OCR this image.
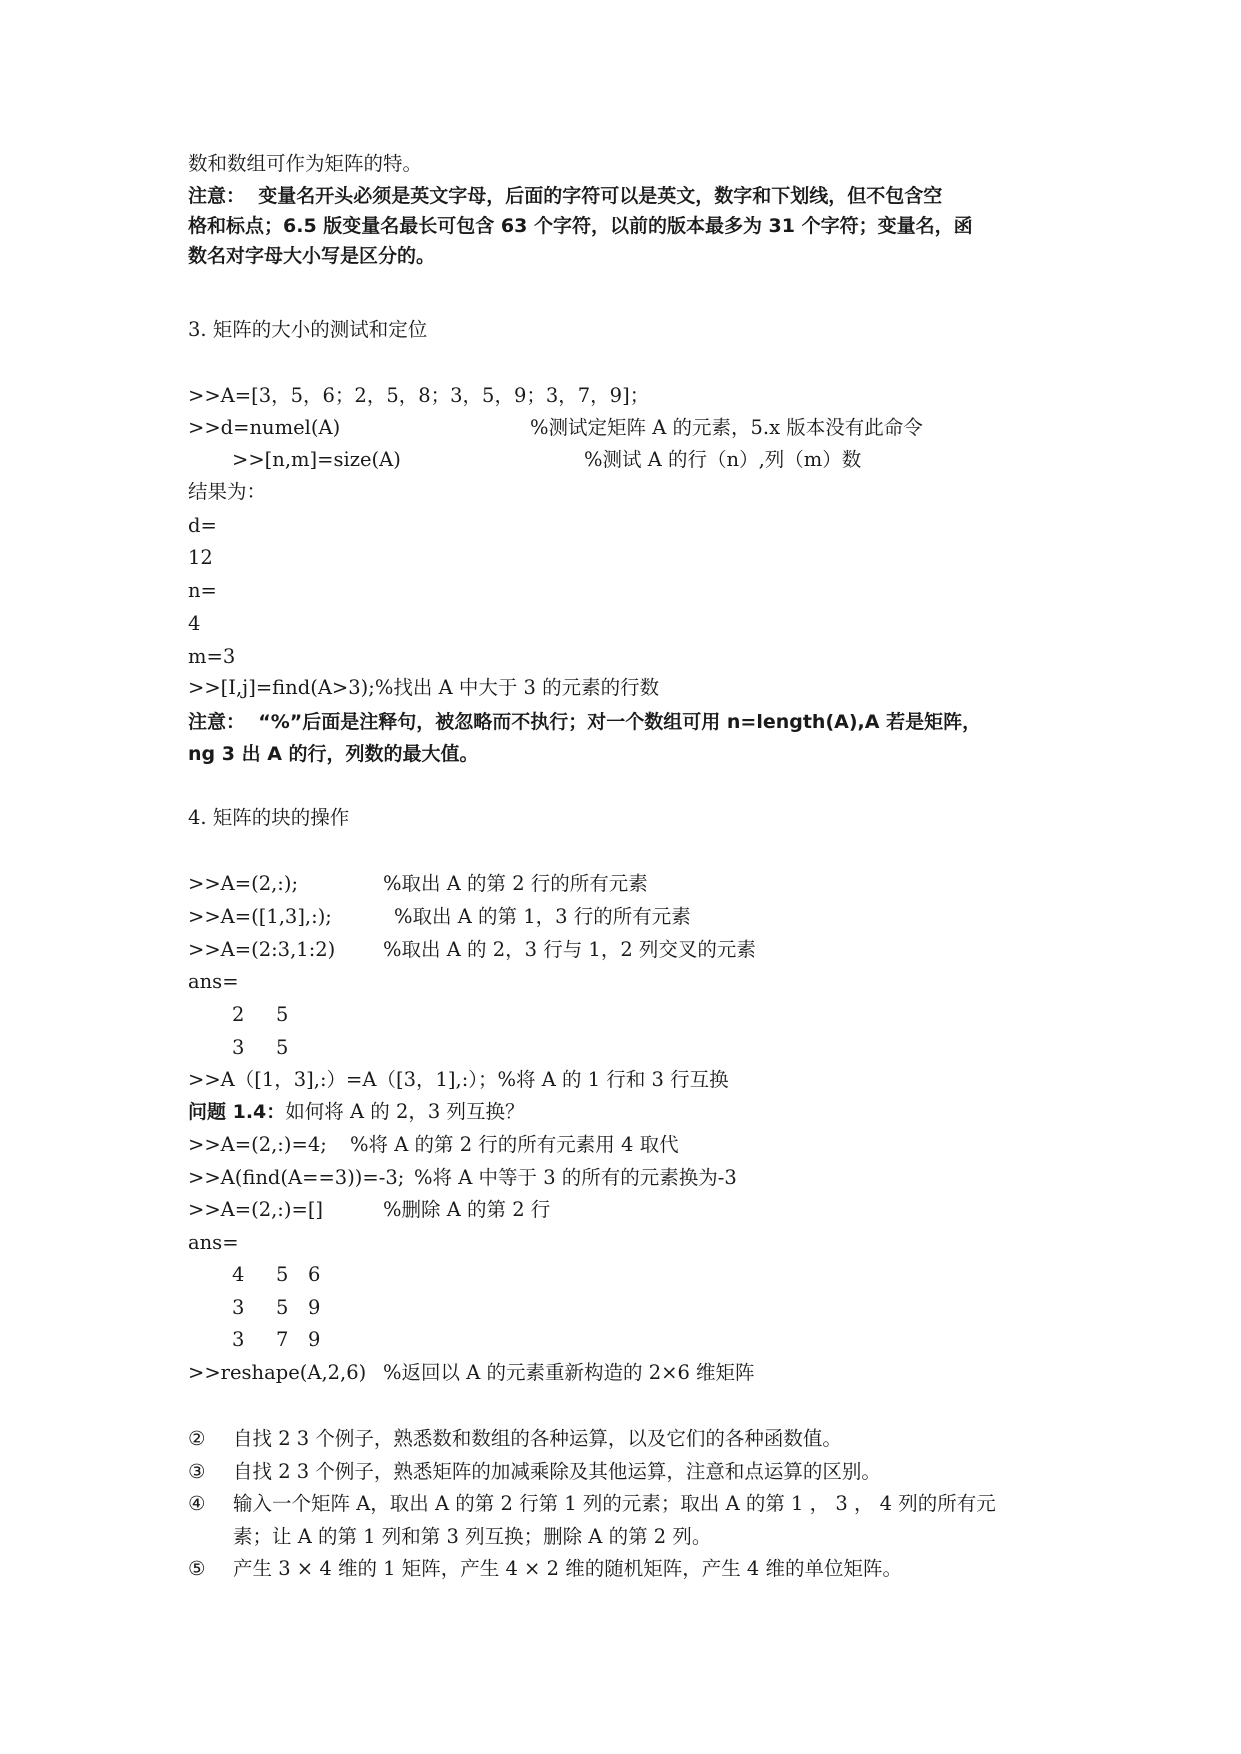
数和数组可作为矩阵的特。
注意： 变量名开头必须是英文字母，后面的字符可以是英文，数字和下划线，但不包含空
格和标点；6.5 版变量名最长可包含 63 个字符，以前的版本最多为 31 个字符；变量名，函
数名对字母大小写是区分的。
3. 矩阵的大小的测试和定位
>>A=[3，5，6；2，5，8；3，5，9；3，7，9]；
>>d=numel(A)	%测试定矩阵 A 的元素，5.x 版本没有此命令
>>[n,m]=size(A)	%测试 A 的行（n）,列（m）数
结果为：
d=
12
n=
4
m=3
>>[I,j]=find(A>3);%找出 A 中大于 3 的元素的行数
注意： “%”后面是注释句，被忽略而不执行；对一个数组可用 n=length(A),A 若是矩阵，
ng 3 出 A 的行，列数的最大值。
4. 矩阵的块的操作
>>A=(2,:);	%取出 A 的第 2 行的所有元素
>>A=([1,3],:);	%取出 A 的第 1，3 行的所有元素
>>A=(2:3,1:2) %取出 A 的 2，3 行与 1，2 列交叉的元素
ans=
2 5
3 5
>>A（[1，3],:）=A（[3，1],:）；%将 A 的 1 行和 3 行互换
问题 1.4：如何将 A 的 2，3 列互换？
>>A=(2,:)=4; %将 A 的第 2 行的所有元素用 4 取代
>>A(find(A==3))=-3; %将 A 中等于 3 的所有的元素换为-3
>>A=(2,:)=[]	%删除 A 的第 2 行
ans=
4 5 6
3 5 9
3 7 9
>>reshape(A,2,6) %返回以 A 的元素重新构造的 2×6 维矩阵
② 自找 2 3 个例子，熟悉数和数组的各种运算，以及它们的各种函数值。
③ 自找 2 3 个例子，熟悉矩阵的加减乘除及其他运算，注意和点运算的区别。
④ 输入一个矩阵 A，取出 A 的第 2 行第 1 列的元素；取出 A 的第 1 ， 3 ， 4 列的所有元
素；让 A 的第 1 列和第 3 列互换；删除 A 的第 2 列。
⑤ 产生 3 × 4 维的 1 矩阵，产生 4 × 2 维的随机矩阵，产生 4 维的单位矩阵。
